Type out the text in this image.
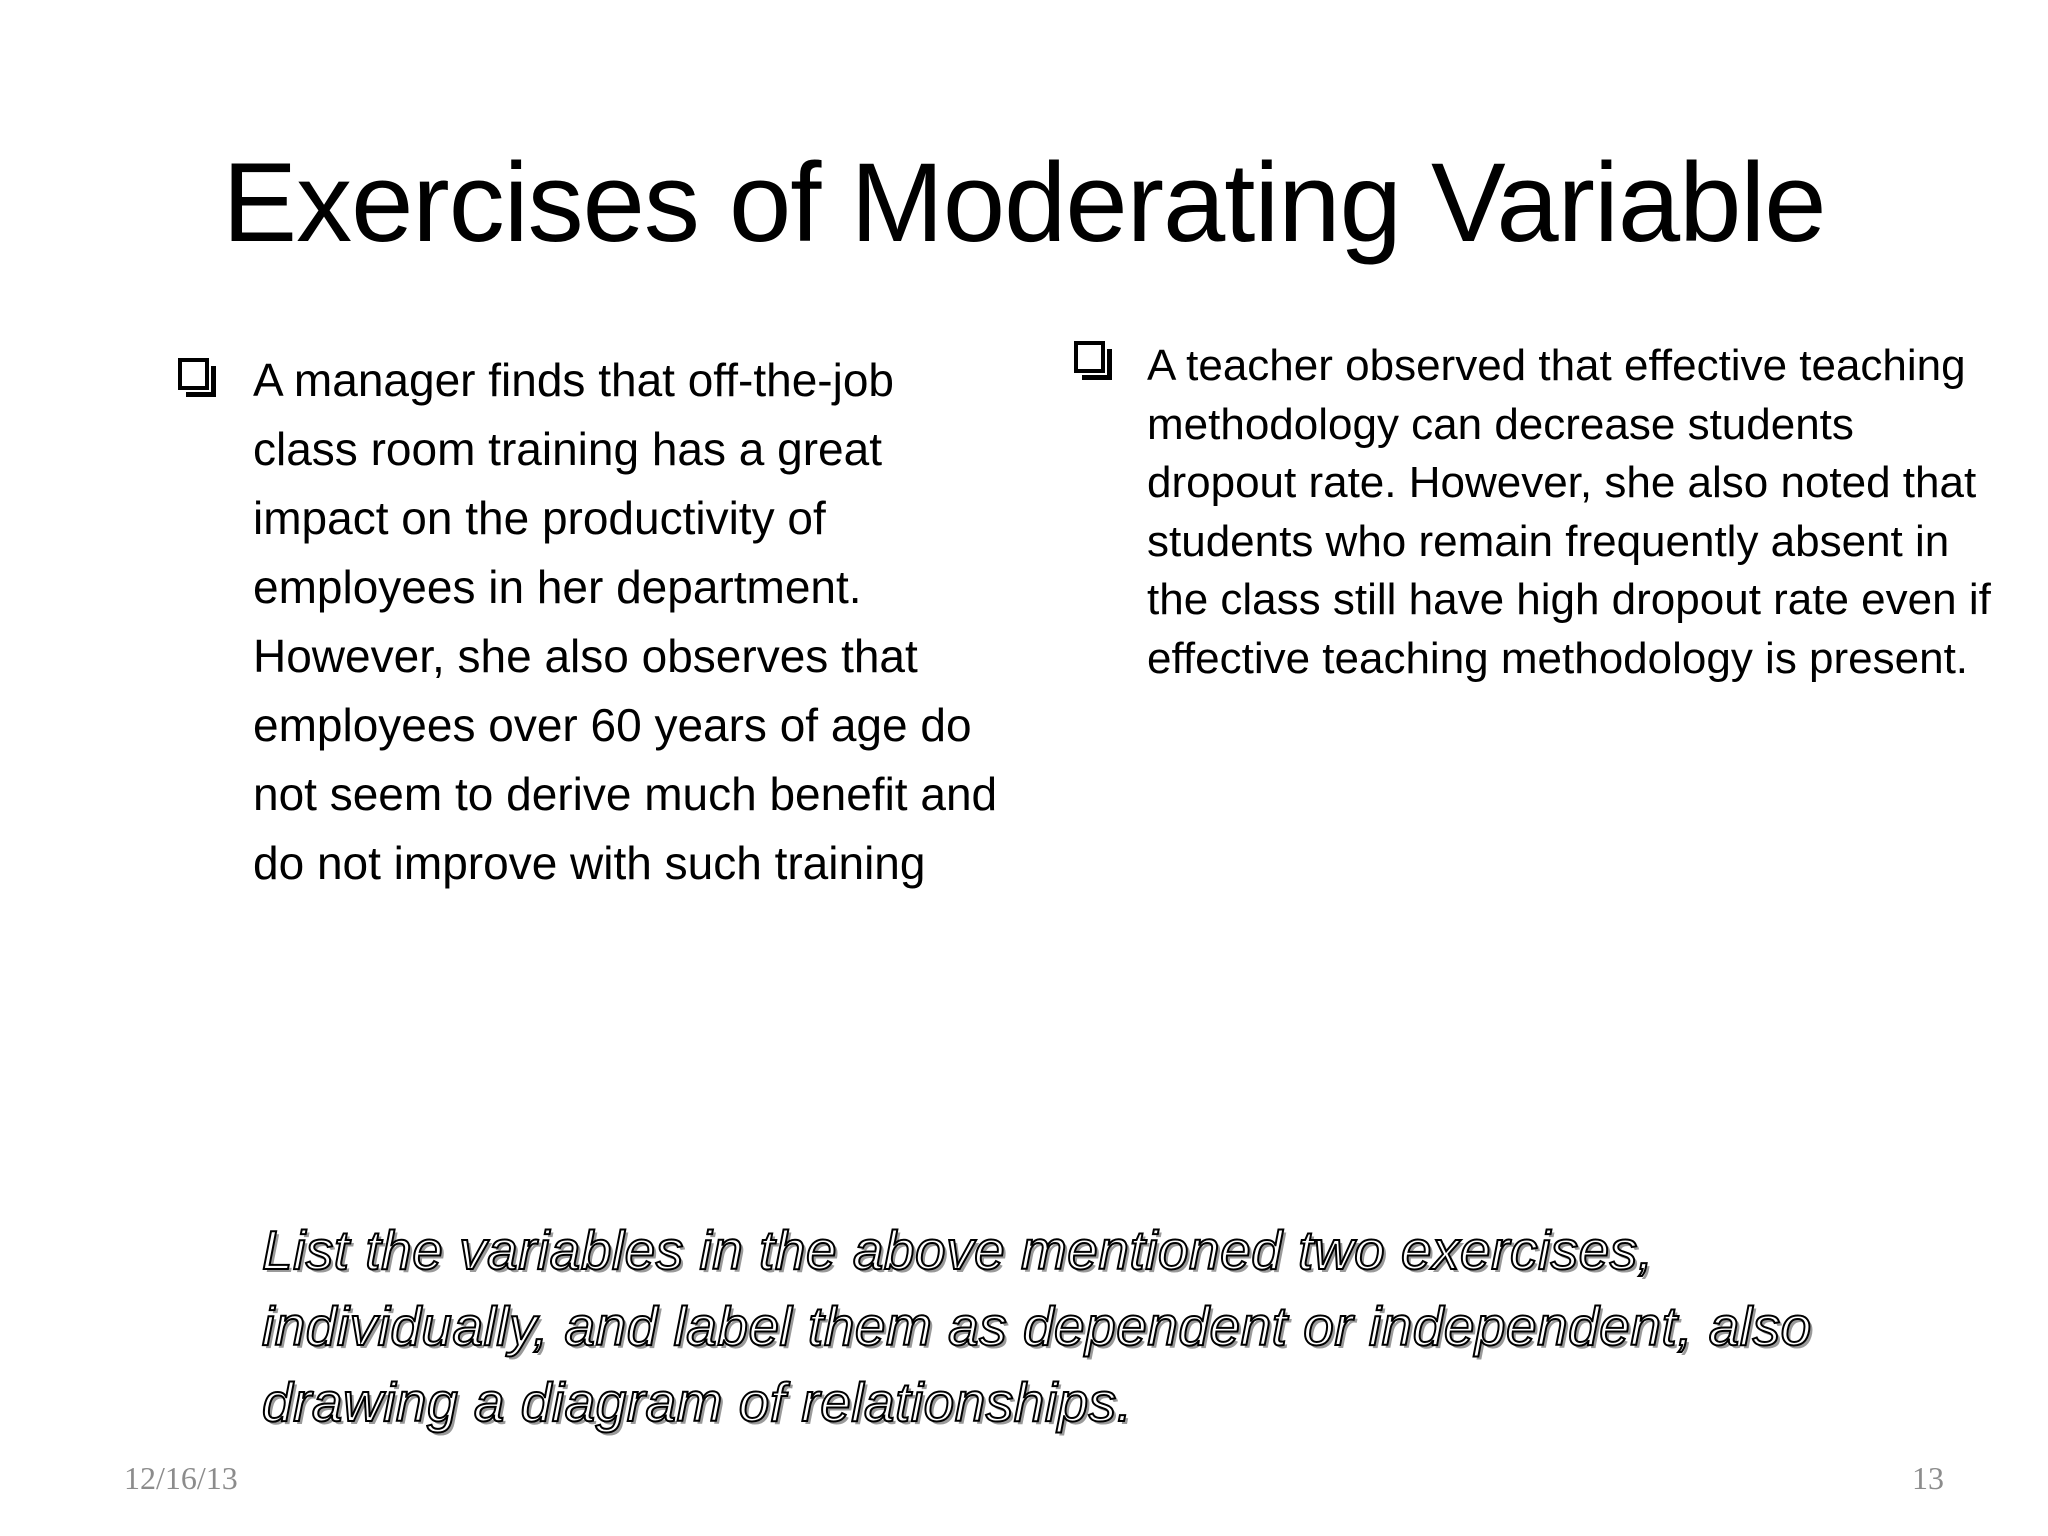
Exercises of Moderating Variable

A manager finds that off-the-job class room training has a great impact on the productivity of employees in her department. However, she also observes that employees over 60 years of age do not seem to derive much benefit and do not improve with such training

A teacher observed that effective teaching methodology can decrease students dropout rate. However, she also noted that students who remain frequently absent in the class still have high dropout rate even if effective teaching methodology is present.

List the variables in the above mentioned two exercises, individually, and label them as dependent or independent, also drawing a diagram of relationships.
12/16/13	13
